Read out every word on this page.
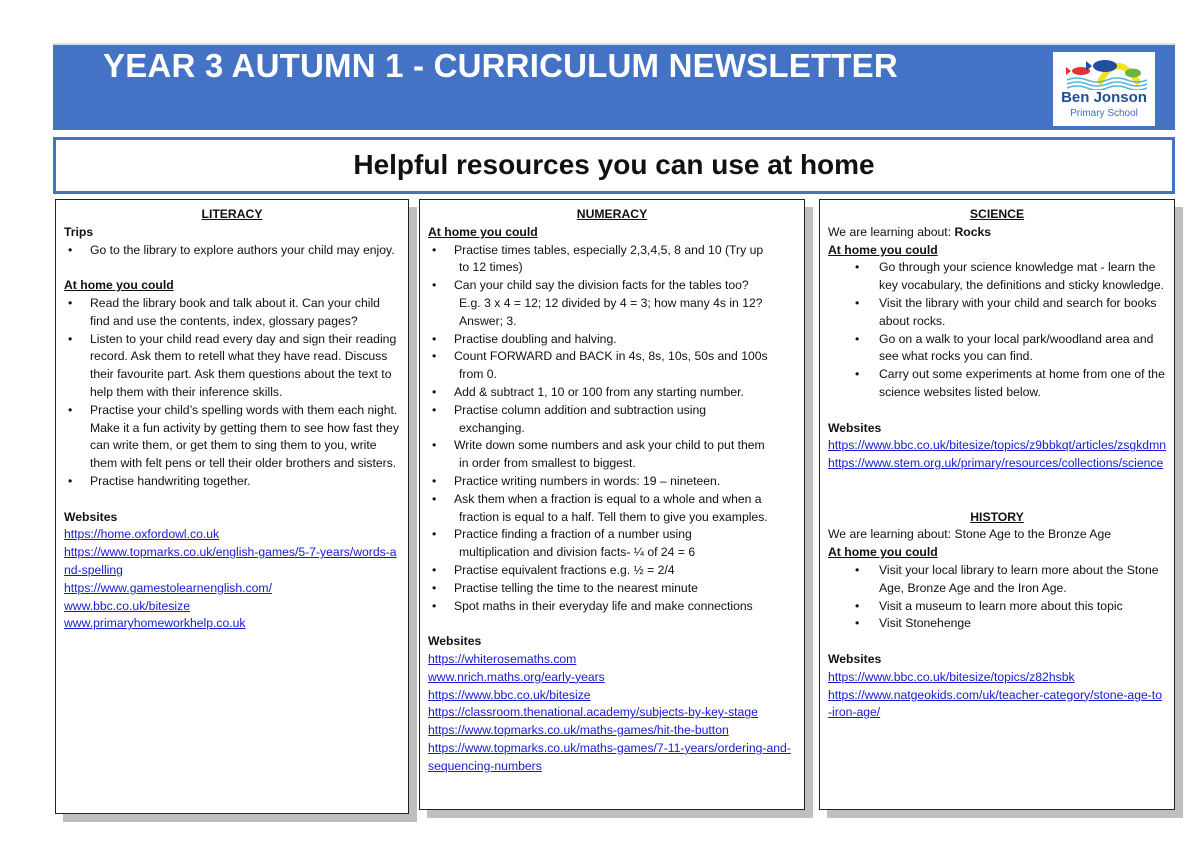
YEAR 3 AUTUMN 1 - CURRICULUM NEWSLETTER
Ben Jonson
Primary School
Helpful resources you can use at home
LITERACY
Trips
• Go to the library to explore authors your child may enjoy.
At home you could
• Read the library book and talk about it. Can your child find and use the contents, index, glossary pages?
• Listen to your child read every day and sign their reading record. Ask them to retell what they have read. Discuss their favourite part. Ask them questions about the text to help them with their inference skills.
• Practise your child’s spelling words with them each night. Make it a fun activity by getting them to see how fast they can write them, or get them to sing them to you, write them with felt pens or tell their older brothers and sisters.
• Practise handwriting together.
Websites
https://home.oxfordowl.co.uk
https://www.topmarks.co.uk/english-games/5-7-years/words-and-spelling
https://www.gamestolearnenglish.com/
www.bbc.co.uk/bitesize
www.primaryhomeworkhelp.co.uk
NUMERACY
At home you could
• Practise times tables, especially 2,3,4,5, 8 and 10 (Try up
to 12 times)
• Can your child say the division facts for the tables too?
E.g. 3 x 4 = 12; 12 divided by 4 = 3; how many 4s in 12? Answer; 3.
• Practise doubling and halving.
• Count FORWARD and BACK in 4s, 8s, 10s, 50s and 100s
from 0.
• Add & subtract 1, 10 or 100 from any starting number.
• Practise column addition and subtraction using
exchanging.
• Write down some numbers and ask your child to put them
in order from smallest to biggest.
• Practice writing numbers in words: 19 – nineteen.
• Ask them when a fraction is equal to a whole and when a
fraction is equal to a half. Tell them to give you examples.
• Practice finding a fraction of a number using
multiplication and division facts- ¼ of 24 = 6
• Practise equivalent fractions e.g. ½ = 2/4
• Practise telling the time to the nearest minute
• Spot maths in their everyday life and make connections
Websites
https://whiterosemaths.com
www.nrich.maths.org/early-years
https://www.bbc.co.uk/bitesize
https://classroom.thenational.academy/subjects-by-key-stage
https://www.topmarks.co.uk/maths-games/hit-the-button
https://www.topmarks.co.uk/maths-games/7-11-years/ordering-and-sequencing-numbers
SCIENCE
We are learning about: Rocks
At home you could
• Go through your science knowledge mat - learn the key vocabulary, the definitions and sticky knowledge.
• Visit the library with your child and search for books about rocks.
• Go on a walk to your local park/woodland area and see what rocks you can find.
• Carry out some experiments at home from one of the science websites listed below.
Websites
https://www.bbc.co.uk/bitesize/topics/z9bbkqt/articles/zsgkdmn
https://www.stem.org.uk/primary/resources/collections/science
HISTORY
We are learning about: Stone Age to the Bronze Age
At home you could
• Visit your local library to learn more about the Stone Age, Bronze Age and the Iron Age.
• Visit a museum to learn more about this topic
• Visit Stonehenge
Websites
https://www.bbc.co.uk/bitesize/topics/z82hsbk
https://www.natgeokids.com/uk/teacher-category/stone-age-to-iron-age/
